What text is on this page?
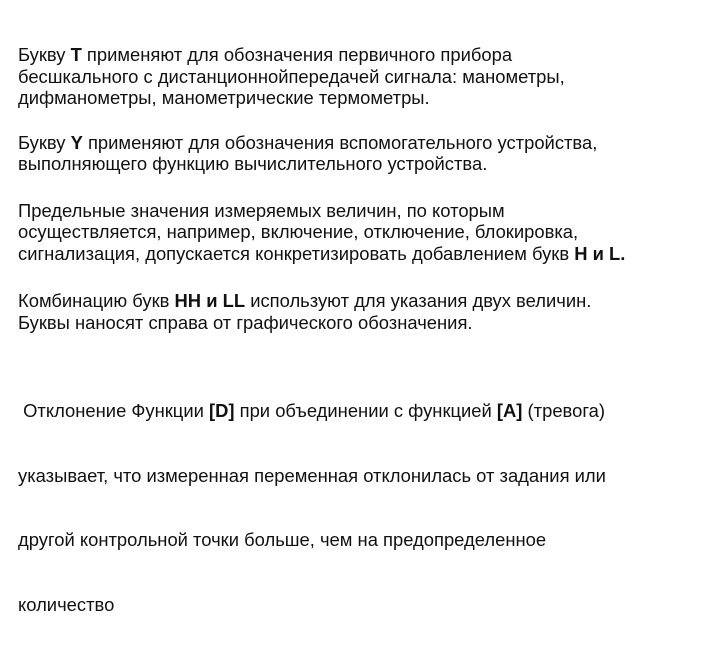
Букву Т применяют для обозначения первичного прибора
бесшкального с дистанционнойпередачей сигнала: манометры,
дифманометры, манометрические термометры.

Букву Y применяют для обозначения вспомогательного устройства,
выполняющего функцию вычислительного устройства.

Предельные значения измеряемых величин, по которым
осуществляется, например, включение, отключение, блокировка,
сигнализация, допускается конкретизировать добавлением букв H и L.

Комбинацию букв НН и LL используют для указания двух величин.
Буквы наносят справа от графического обозначения.

Отклонение Функции [D] при объединении с функцией [А] (тревога)

указывает, что измеренная переменная отклонилась от задания или

другой контрольной точки больше, чем на предопределенное

количество
